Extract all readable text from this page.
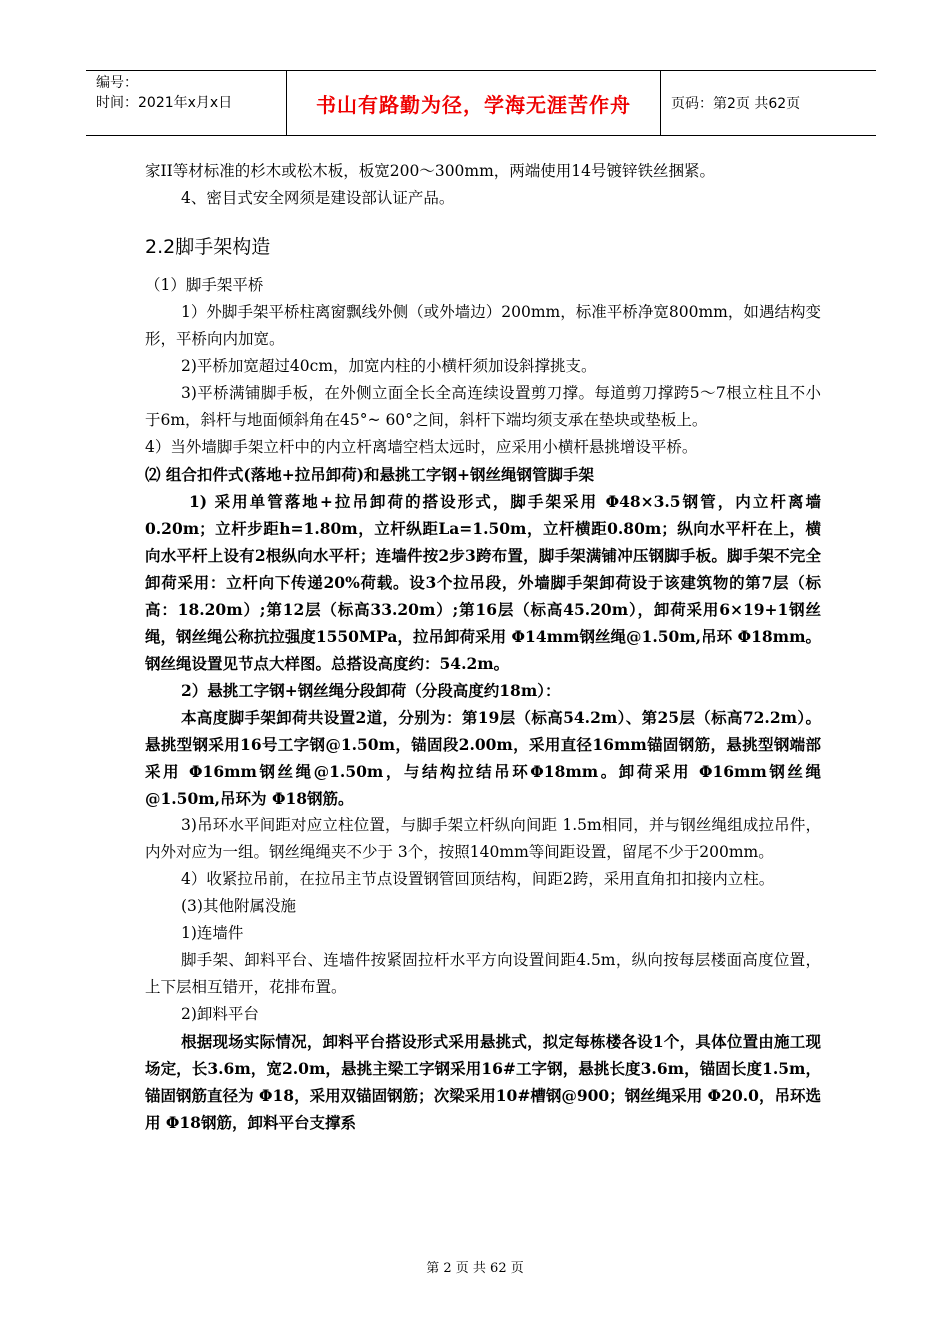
编号：
时间：2021年x月x日	书山有路勤为径，学海无涯苦作舟	页码：第2页 共62页

家II等材标准的杉木或松木板，板宽200～300mm，两端使用14号镀锌铁丝捆紧。

4、密目式安全网须是建设部认证产品。

2.2脚手架构造

（1）脚手架平桥

1）外脚手架平桥柱离窗飘线外侧（或外墙边）200mm，标准平桥净宽800mm，如遇结构变形，平桥向内加宽。

2)平桥加宽超过40cm，加宽内柱的小横杆须加设斜撑挑支。

3)平桥满铺脚手板，在外侧立面全长全高连续设置剪刀撑。每道剪刀撑跨5～7根立柱且不小于6m，斜杆与地面倾斜角在45°~ 60°之间，斜杆下端均须支承在垫块或垫板上。

4）当外墙脚手架立杆中的内立杆离墙空档太远时，应采用小横杆悬挑增设平桥。

⑵ 组合扣件式(落地+拉吊卸荷)和悬挑工字钢+钢丝绳钢管脚手架

1) 采用单管落地+拉吊卸荷的搭设形式，脚手架采用 Φ48×3.5钢管，内立杆离墙0.20m；立杆步距h=1.80m，立杆纵距La=1.50m，立杆横距0.80m；纵向水平杆在上，横向水平杆上设有2根纵向水平杆；连墙件按2步3跨布置，脚手架满铺冲压钢脚手板。脚手架不完全卸荷采用：立杆向下传递20%荷载。设3个拉吊段，外墙脚手架卸荷设于该建筑物的第7层（标高：18.20m）;第12层（标高33.20m）;第16层（标高45.20m），卸荷采用6×19+1钢丝绳，钢丝绳公称抗拉强度1550MPa，拉吊卸荷采用 Φ14mm钢丝绳@1.50m,吊环 Φ18mm。钢丝绳设置见节点大样图。总搭设高度约：54.2m。

2）悬挑工字钢+钢丝绳分段卸荷（分段高度约18m）：

本高度脚手架卸荷共设置2道，分别为：第19层（标高54.2m）、第25层（标高72.2m）。悬挑型钢采用16号工字钢@1.50m，锚固段2.00m，采用直径16mm锚固钢筋，悬挑型钢端部采用 Φ16mm钢丝绳@1.50m，与结构拉结吊环Φ18mm。卸荷采用 Φ16mm钢丝绳@1.50m,吊环为 Φ18钢筋。

3)吊环水平间距对应立柱位置，与脚手架立杆纵向间距 1.5m相同，并与钢丝绳组成拉吊件，内外对应为一组。钢丝绳绳夹不少于 3个，按照140mm等间距设置，留尾不少于200mm。

4）收紧拉吊前，在拉吊主节点设置钢管回顶结构，间距2跨，采用直角扣扣接内立柱。

(3)其他附属没施

1)连墙件

脚手架、卸料平台、连墙件按紧固拉杆水平方向设置间距4.5m，纵向按每层楼面高度位置，上下层相互错开，花排布置。

2)卸料平台

根据现场实际情况，卸料平台搭设形式采用悬挑式，拟定每栋楼各设1个，具体位置由施工现场定，长3.6m，宽2.0m，悬挑主梁工字钢采用16#工字钢，悬挑长度3.6m，锚固长度1.5m，锚固钢筋直径为 Φ18，采用双锚固钢筋；次梁采用10#槽钢@900；钢丝绳采用 Φ20.0，吊环选用 Φ18钢筋，卸料平台支撑系

第 2 页 共 62 页
